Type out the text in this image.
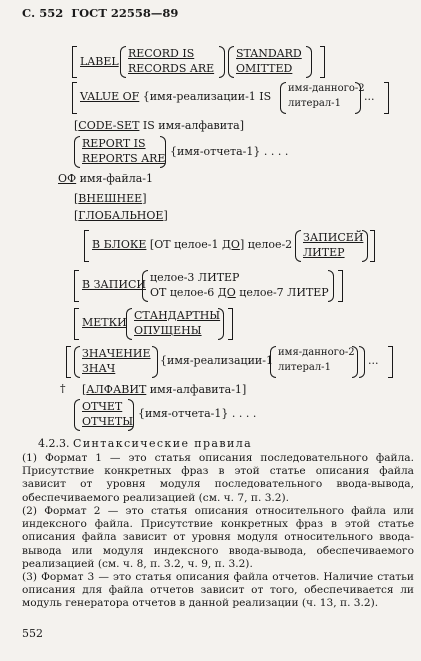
С. 552 ГОСТ 22558—89
LABEL
RECORD IS
RECORDS ARE
STANDARD
OMITTED
VALUE OF {имя-реализации-1 IS
имя-данного-2
литерал-1
...
[CODE-SET IS имя-алфавита]
REPORT IS
REPORTS ARE
{имя-отчета-1} . . . .
ОФ имя-файла-1
[ВНЕШНЕЕ]
[ГЛОБАЛЬНОЕ]
В БЛОКЕ [ОТ целое-1 ДО] целое-2
ЗАПИСЕЙ
ЛИТЕР
В ЗАПИСИ
целое-3 ЛИТЕР
ОТ целое-6 ДО целое-7 ЛИТЕР
МЕТКИ
СТАНДАРТНЫ
ОПУЩЕНЫ
ЗНАЧЕНИЕ
ЗНАЧ
{имя-реализации-1
имя-данного-2
литерал-1
...
† [АЛФАВИТ имя-алфавита-1]
ОТЧЕТ
ОТЧЕТЫ
{имя-отчета-1} . . . .
4.2.3. Синтаксические правила
(1) Формат 1 — это статья описания последовательного файла. Присутствие конкретных фраз в этой статье описания файла зависит от уровня модуля последовательного ввода-вывода, обеспечиваемого реализацией (см. ч. 7, п. 3.2).
(2) Формат 2 — это статья описания относительного файла или индексного файла. Присутствие конкретных фраз в этой статье описания файла зависит от уровня модуля относительного ввода-вывода или модуля индексного ввода-вывода, обеспечиваемого реализацией (см. ч. 8, п. 3.2, ч. 9, п. 3.2).
(3) Формат 3 — это статья описания файла отчетов. Наличие статьи описания для файла отчетов зависит от того, обеспечивается ли модуль генератора отчетов в данной реализации (ч. 13, п. 3.2).
552
